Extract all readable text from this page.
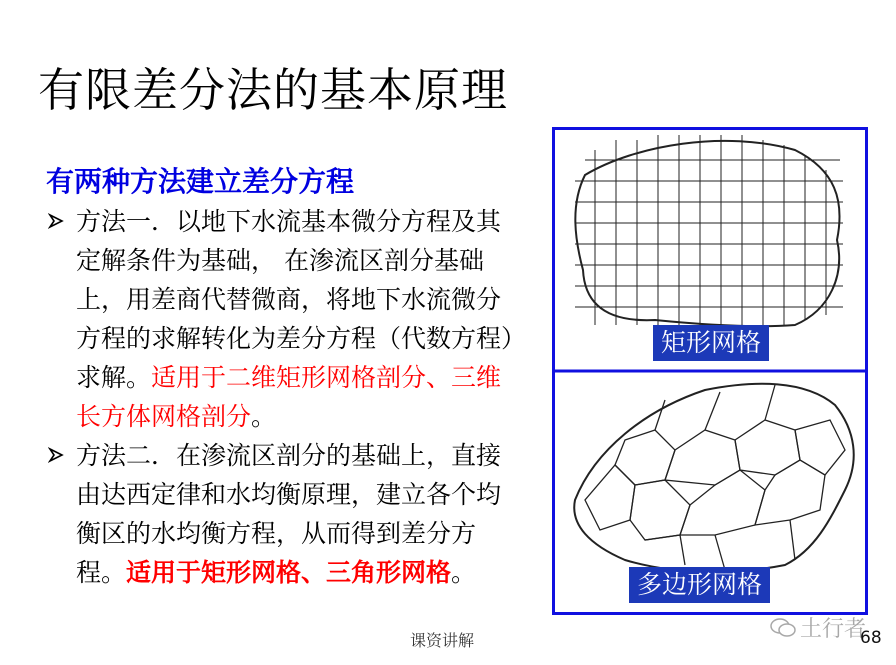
有限差分法的基本原理
有两种方法建立差分方程
方法一．以地下水流基本微分方程及其定解条件为基础， 在渗流区剖分基础上，用差商代替微商，将地下水流微分方程的求解转化为差分方程（代数方程）求解。适用于二维矩形网格剖分、三维长方体网格剖分。
方法二．在渗流区剖分的基础上，直接由达西定律和水均衡原理，建立各个均衡区的水均衡方程，从而得到差分方程。适用于矩形网格、三角形网格。
矩形网格
多边形网格
课资讲解	土行者
68
